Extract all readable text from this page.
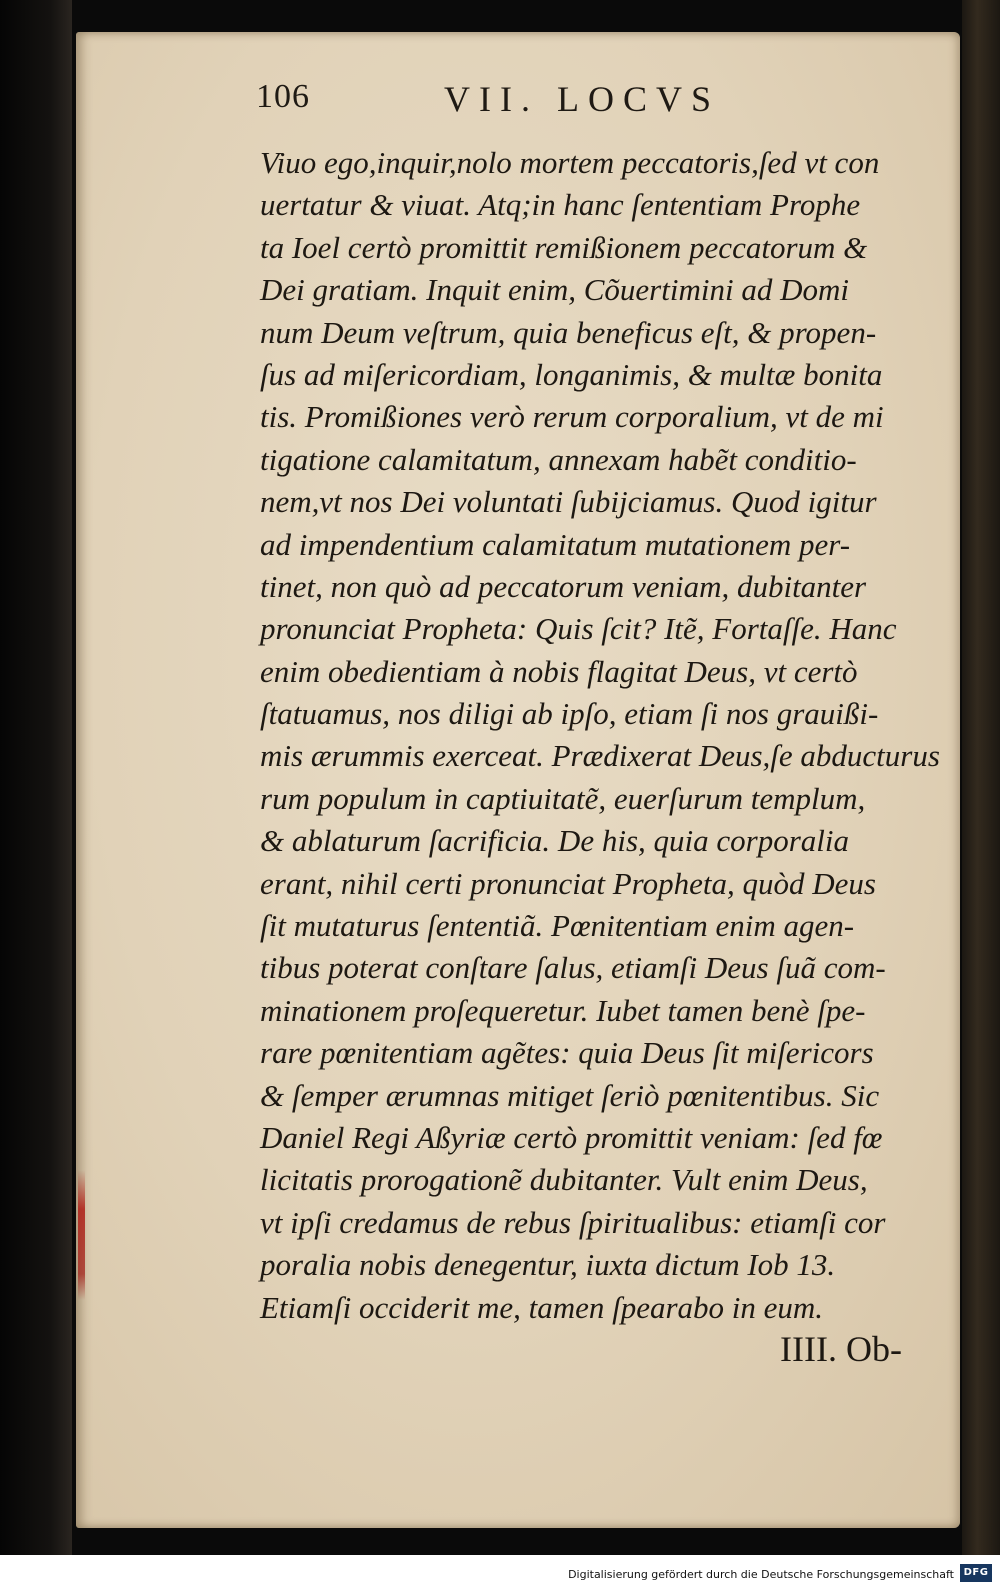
106	VII. LOCVS
Viuo ego,inquir,nolo mortem peccatoris,ſed vt con
uertatur & viuat. Atq;in hanc ſententiam Prophe
ta Ioel certò promittit remißionem peccatorum &
Dei gratiam. Inquit enim, Cõuertimini ad Domi
num Deum veſtrum, quia beneficus eſt, & propen-
ſus ad miſericordiam, longanimis, & multæ bonita
tis. Promißiones verò rerum corporalium, vt de mi
tigatione calamitatum, annexam habẽt conditio-
nem,vt nos Dei voluntati ſubijciamus. Quod igitur
ad impendentium calamitatum mutationem per-
tinet, non quò ad peccatorum veniam, dubitanter
pronunciat Propheta: Quis ſcit? Itẽ, Fortaſſe. Hanc
enim obedientiam à nobis flagitat Deus, vt certò
ſtatuamus, nos diligi ab ipſo, etiam ſi nos grauißi-
mis ærummis exerceat. Prædixerat Deus,ſe abducturus
rum populum in captiuitatẽ, euerſurum templum,
& ablaturum ſacrificia. De his, quia corporalia
erant, nihil certi pronunciat Propheta, quòd Deus
ſit mutaturus ſententiã. Pœnitentiam enim agen-
tibus poterat conſtare ſalus, etiamſi Deus ſuã com-
minationem proſequeretur. Iubet tamen benè ſpe-
rare pœnitentiam agẽtes: quia Deus ſit miſericors
& ſemper ærumnas mitiget ſeriò pœnitentibus. Sic
Daniel Regi Aßyriæ certò promittit veniam: ſed fœ
licitatis prorogationẽ dubitanter. Vult enim Deus,
vt ipſi credamus de rebus ſpiritualibus: etiamſi cor
poralia nobis denegentur, iuxta dictum Iob 13.
Etiamſi occiderit me, tamen ſpearabo in eum.
IIII. Ob-
Digitalisierung gefördert durch die Deutsche Forschungsgemeinschaft DFG
